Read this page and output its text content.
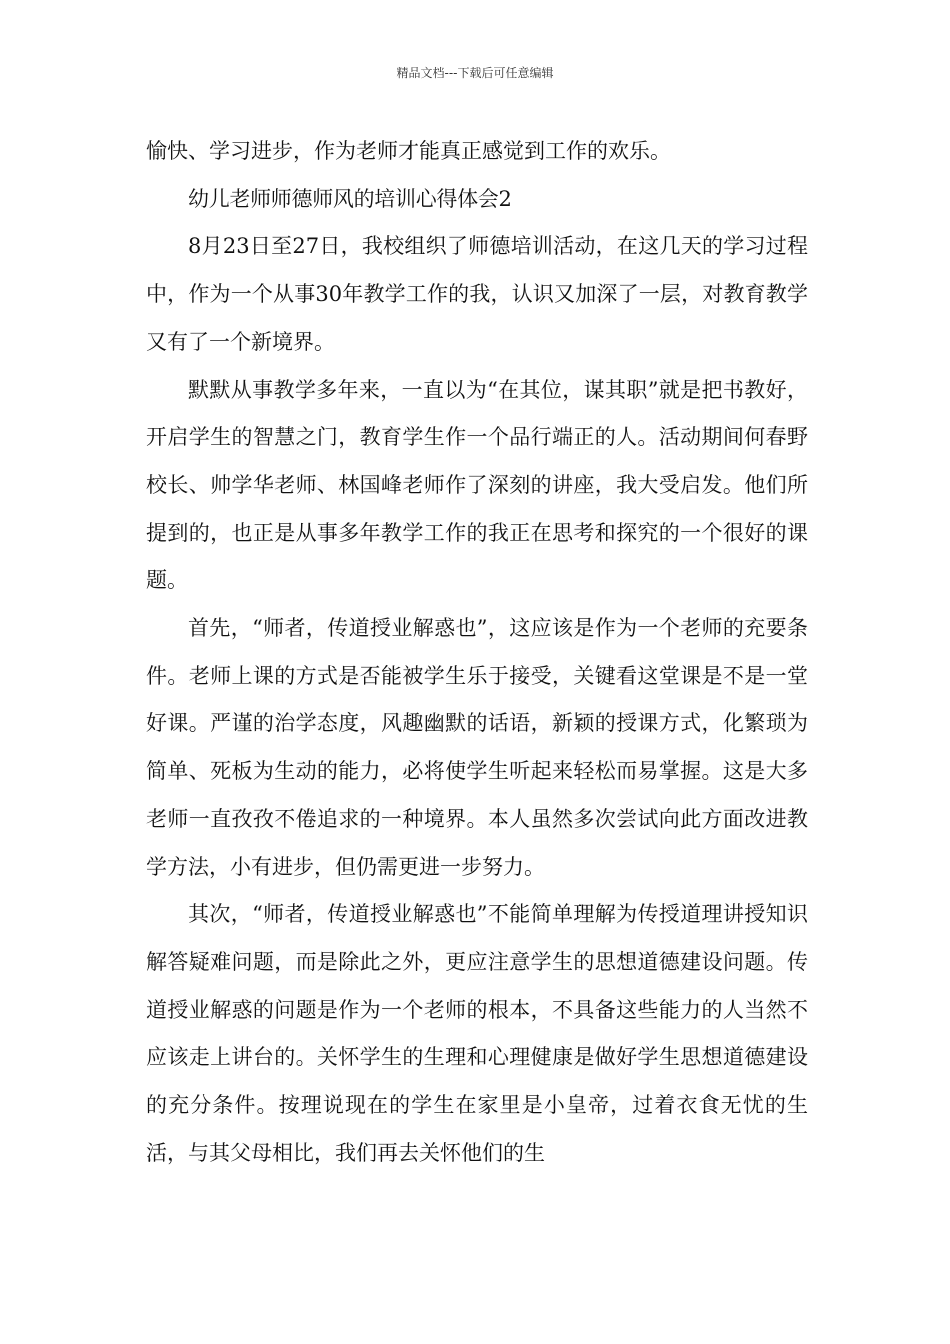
精品文档---下载后可任意编辑

愉快、学习进步，作为老师才能真正感觉到工作的欢乐。

幼儿老师师德师风的培训心得体会2

8月23日至27日，我校组织了师德培训活动，在这几天的学习过程中，作为一个从事30年教学工作的我，认识又加深了一层，对教育教学又有了一个新境界。

默默从事教学多年来，一直以为“在其位，谋其职”就是把书教好，开启学生的智慧之门，教育学生作一个品行端正的人。活动期间何春野校长、帅学华老师、林国峰老师作了深刻的讲座，我大受启发。他们所提到的，也正是从事多年教学工作的我正在思考和探究的一个很好的课题。

首先，“师者，传道授业解惑也”，这应该是作为一个老师的充要条件。老师上课的方式是否能被学生乐于接受，关键看这堂课是不是一堂好课。严谨的治学态度，风趣幽默的话语，新颖的授课方式，化繁琐为简单、死板为生动的能力，必将使学生听起来轻松而易掌握。这是大多老师一直孜孜不倦追求的一种境界。本人虽然多次尝试向此方面改进教学方法，小有进步，但仍需更进一步努力。

其次，“师者，传道授业解惑也”不能简单理解为传授道理讲授知识解答疑难问题，而是除此之外，更应注意学生的思想道德建设问题。传道授业解惑的问题是作为一个老师的根本，不具备这些能力的人当然不应该走上讲台的。关怀学生的生理和心理健康是做好学生思想道德建设的充分条件。按理说现在的学生在家里是小皇帝，过着衣食无忧的生活，与其父母相比，我们再去关怀他们的生
